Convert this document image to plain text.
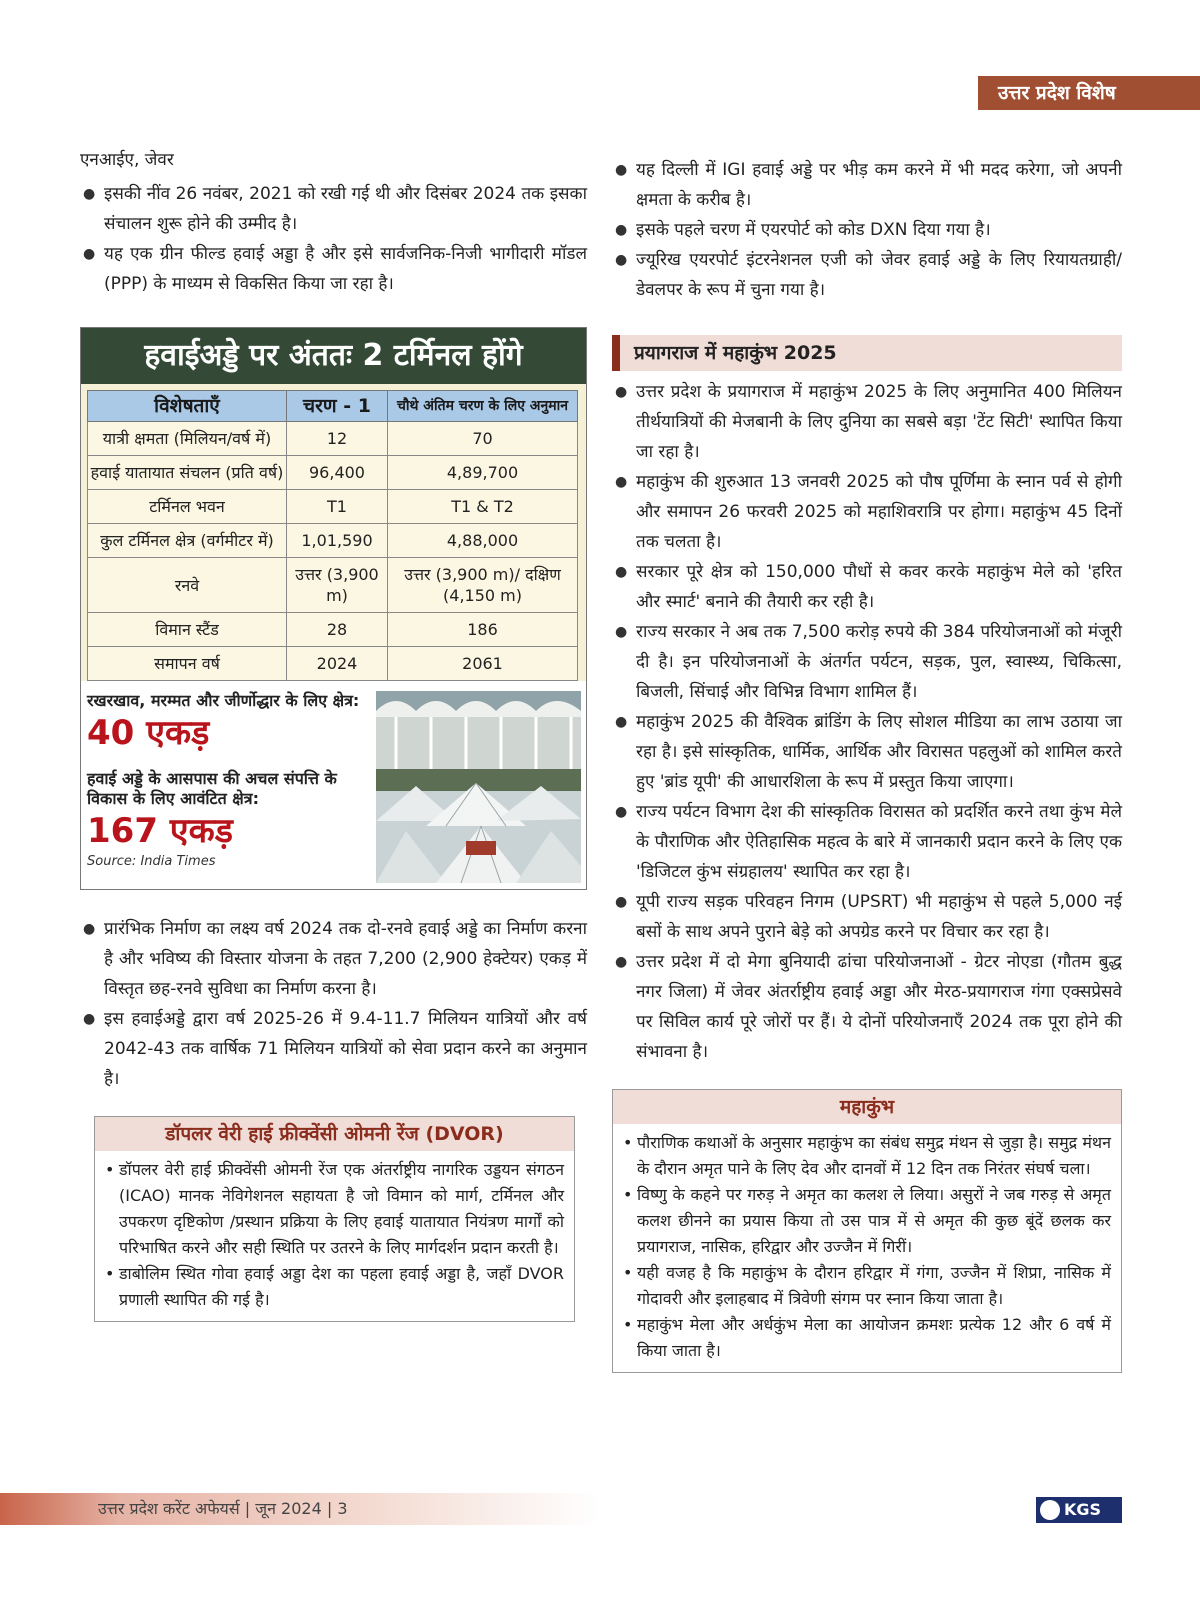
उत्तर प्रदेश विशेष

एनआईए, जेवर

● इसकी नींव 26 नवंबर, 2021 को रखी गई थी और दिसंबर 2024 तक इसका संचालन शुरू होने की उम्मीद है।
● यह एक ग्रीन फील्ड हवाई अड्डा है और इसे सार्वजनिक-निजी भागीदारी मॉडल (PPP) के माध्यम से विकसित किया जा रहा है।
हवाईअड्डे पर अंततः 2 टर्मिनल होंगे
विशेषताएँ	चरण - 1	चौथे अंतिम चरण के लिए अनुमान
यात्री क्षमता (मिलियन/वर्ष में)	12	70
हवाई यातायात संचलन (प्रति वर्ष)	96,400	4,89,700
टर्मिनल भवन	T1	T1 & T2
कुल टर्मिनल क्षेत्र (वर्गमीटर में)	1,01,590	4,88,000
रनवे	उत्तर (3,900 m)	उत्तर (3,900 m)/ दक्षिण (4,150 m)
विमान स्टैंड	28	186
समापन वर्ष	2024	2061
रखरखाव, मरम्मत और जीर्णोद्धार के लिए क्षेत्र:
40 एकड़
हवाई अड्डे के आसपास की अचल संपत्ति के विकास के लिए आवंटित क्षेत्र:
167 एकड़
Source: India Times
● प्रारंभिक निर्माण का लक्ष्य वर्ष 2024 तक दो-रनवे हवाई अड्डे का निर्माण करना है और भविष्य की विस्तार योजना के तहत 7,200 (2,900 हेक्टेयर) एकड़ में विस्तृत छह-रनवे सुविधा का निर्माण करना है।
● इस हवाईअड्डे द्वारा वर्ष 2025-26 में 9.4-11.7 मिलियन यात्रियों और वर्ष 2042-43 तक वार्षिक 71 मिलियन यात्रियों को सेवा प्रदान करने का अनुमान है।
डॉपलर वेरी हाई फ्रीक्वेंसी ओमनी रेंज (DVOR)
• डॉपलर वेरी हाई फ्रीक्वेंसी ओमनी रेंज एक अंतर्राष्ट्रीय नागरिक उड्डयन संगठन (ICAO) मानक नेविगेशनल सहायता है जो विमान को मार्ग, टर्मिनल और उपकरण दृष्टिकोण /प्रस्थान प्रक्रिया के लिए हवाई यातायात नियंत्रण मार्गों को परिभाषित करने और सही स्थिति पर उतरने के लिए मार्गदर्शन प्रदान करती है।
• डाबोलिम स्थित गोवा हवाई अड्डा देश का पहला हवाई अड्डा है, जहाँ DVOR प्रणाली स्थापित की गई है।
● यह दिल्ली में IGI हवाई अड्डे पर भीड़ कम करने में भी मदद करेगा, जो अपनी क्षमता के करीब है।
● इसके पहले चरण में एयरपोर्ट को कोड DXN दिया गया है।
● ज्यूरिख एयरपोर्ट इंटरनेशनल एजी को जेवर हवाई अड्डे के लिए रियायतग्राही/डेवलपर के रूप में चुना गया है।
प्रयागराज में महाकुंभ 2025
● उत्तर प्रदेश के प्रयागराज में महाकुंभ 2025 के लिए अनुमानित 400 मिलियन तीर्थयात्रियों की मेजबानी के लिए दुनिया का सबसे बड़ा 'टेंट सिटी' स्थापित किया जा रहा है।
● महाकुंभ की शुरुआत 13 जनवरी 2025 को पौष पूर्णिमा के स्नान पर्व से होगी और समापन 26 फरवरी 2025 को महाशिवरात्रि पर होगा। महाकुंभ 45 दिनों तक चलता है।
● सरकार पूरे क्षेत्र को 150,000 पौधों से कवर करके महाकुंभ मेले को 'हरित और स्मार्ट' बनाने की तैयारी कर रही है।
● राज्य सरकार ने अब तक 7,500 करोड़ रुपये की 384 परियोजनाओं को मंजूरी दी है। इन परियोजनाओं के अंतर्गत पर्यटन, सड़क, पुल, स्वास्थ्य, चिकित्सा, बिजली, सिंचाई और विभिन्न विभाग शामिल हैं।
● महाकुंभ 2025 की वैश्विक ब्रांडिंग के लिए सोशल मीडिया का लाभ उठाया जा रहा है। इसे सांस्कृतिक, धार्मिक, आर्थिक और विरासत पहलुओं को शामिल करते हुए 'ब्रांड यूपी' की आधारशिला के रूप में प्रस्तुत किया जाएगा।
● राज्य पर्यटन विभाग देश की सांस्कृतिक विरासत को प्रदर्शित करने तथा कुंभ मेले के पौराणिक और ऐतिहासिक महत्व के बारे में जानकारी प्रदान करने के लिए एक 'डिजिटल कुंभ संग्रहालय' स्थापित कर रहा है।
● यूपी राज्य सड़क परिवहन निगम (UPSRT) भी महाकुंभ से पहले 5,000 नई बसों के साथ अपने पुराने बेड़े को अपग्रेड करने पर विचार कर रहा है।
● उत्तर प्रदेश में दो मेगा बुनियादी ढांचा परियोजनाओं - ग्रेटर नोएडा (गौतम बुद्ध नगर जिला) में जेवर अंतर्राष्ट्रीय हवाई अड्डा और मेरठ-प्रयागराज गंगा एक्सप्रेसवे पर सिविल कार्य पूरे जोरों पर हैं। ये दोनों परियोजनाएँ 2024 तक पूरा होने की संभावना है।
महाकुंभ
• पौराणिक कथाओं के अनुसार महाकुंभ का संबंध समुद्र मंथन से जुड़ा है। समुद्र मंथन के दौरान अमृत पाने के लिए देव और दानवों में 12 दिन तक निरंतर संघर्ष चला।
• विष्णु के कहने पर गरुड़ ने अमृत का कलश ले लिया। असुरों ने जब गरुड़ से अमृत कलश छीनने का प्रयास किया तो उस पात्र में से अमृत की कुछ बूंदें छलक कर प्रयागराज, नासिक, हरिद्वार और उज्जैन में गिरीं।
• यही वजह है कि महाकुंभ के दौरान हरिद्वार में गंगा, उज्जैन में शिप्रा, नासिक में गोदावरी और इलाहबाद में त्रिवेणी संगम पर स्नान किया जाता है।
• महाकुंभ मेला और अर्धकुंभ मेला का आयोजन क्रमशः प्रत्येक 12 और 6 वर्ष में किया जाता है।
उत्तर प्रदेश करेंट अफेयर्स | जून 2024 | 3	KGS
